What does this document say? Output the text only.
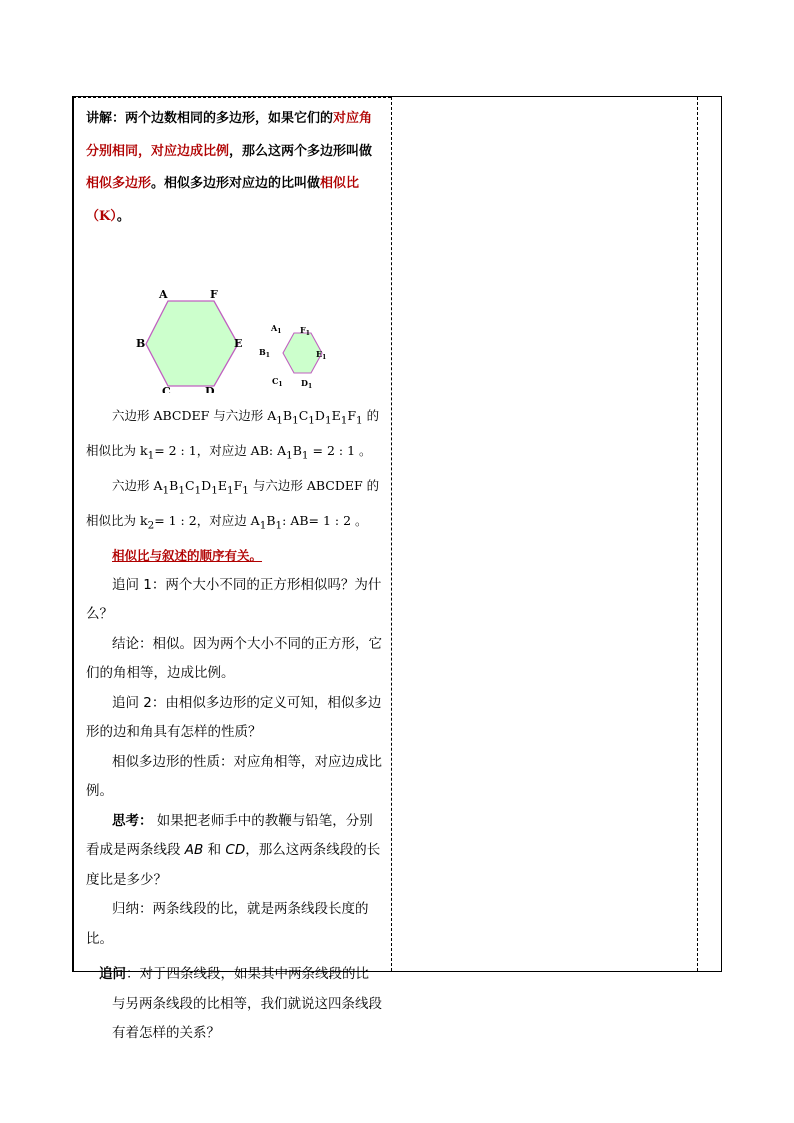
讲解：两个边数相同的多边形，如果它们的对应角分别相同，对应边成比例，那么这两个多边形叫做相似多边形。相似多边形对应边的比叫做相似比（K）。
A	F
B	E
C	D
$A_1$ $F_1$
$B_1$	$E_1$
$C_1$ $D_1$

六边形 ABCDEF 与六边形 $A_1B_1C_1D_1E_1F_1$ 的相似比为 $k_1= 2$ : 1，对应边 AB: $A_1B_1 = 2$ : 1 。

六边形 $A_1B_1C_1D_1E_1F_1$ 与六边形 ABCDEF 的相似比为 $k_2= 1$ : 2，对应边 $A_1B_1$: AB= 1 : 2 。

相似比与叙述的顺序有关。

追问 1：两个大小不同的正方形相似吗？为什么？

结论：相似。因为两个大小不同的正方形，它们的角相等，边成比例。

追问 2：由相似多边形的定义可知，相似多边形的边和角具有怎样的性质？

相似多边形的性质：对应角相等，对应边成比例。

思考： 如果把老师手中的教鞭与铅笔，分别看成是两条线段 AB 和 CD，那么这两条线段的长度比是多少？

归纳：两条线段的比，就是两条线段长度的比。

追问：对于四条线段，如果其中两条线段的比与另两条线段的比相等，我们就说这四条线段有着怎样的关系？
